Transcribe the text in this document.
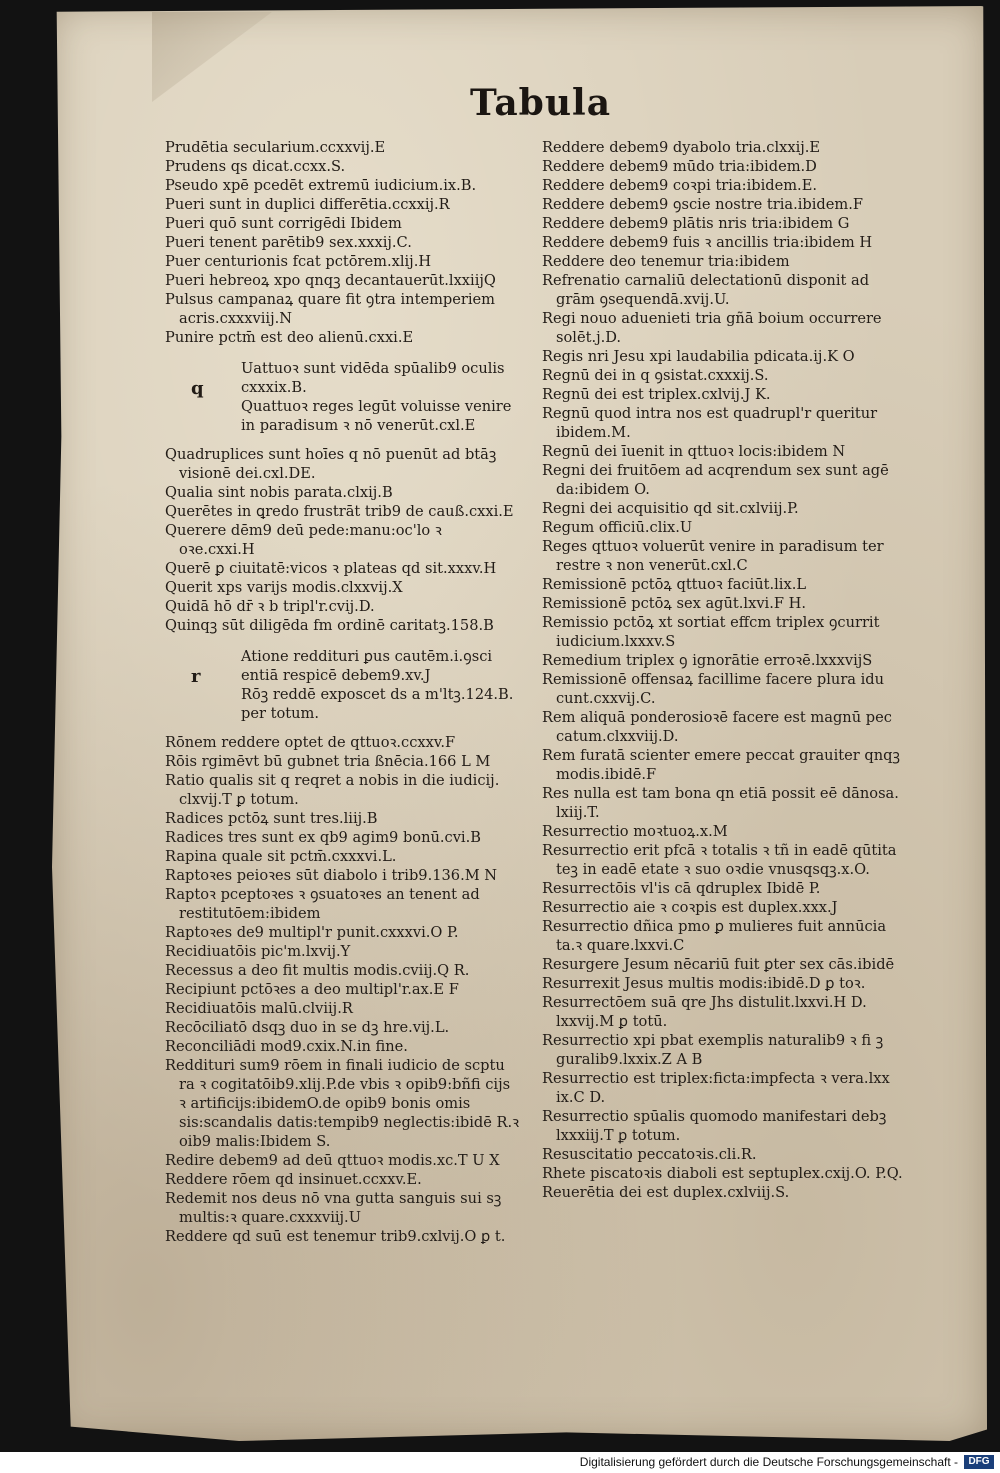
Tabula

Prudētia secularium.ccxxvij.E

Prudens qs dicat.ccxx.S.

Pseudo xpē pcedēt extremū iudicium.ix.B.

Pueri sunt in duplici differētia.ccxxij.R

Pueri quō sunt corrigēdi Ibidem

Pueri tenent parētib9 sex.xxxij.C.

Puer centurionis fcat pctōrem.xlij.H

Pueri hebreoꝝ xpo qnqꝫ decantauerūt.lxxiijQ

Pulsus campanaꝝ quare fit ꝯtra intemperiem acris.cxxxviij.N

Punire pctm̄ est deo alienū.cxxi.E

q

Uattuoꝛ sunt vidēda spūalib9 oculis cxxxix.B.

Quattuoꝛ reges legūt voluisse venire in paradisum ꝛ nō venerūt.cxl.E

Quadruplices sunt hoīes q nō puenūt ad btāꝫ visionē dei.cxl.DE.

Qualia sint nobis parata.clxij.B

Querētes in ꝗredo frustrāt trib9 de cauß.cxxi.E

Querere dēm9 deū pede:manu:oc'lo ꝛ oꝛe.cxxi.H

Querē ꝑ ciuitatē:vicos ꝛ plateas qd sit.xxxv.H

Querit xps varijs modis.clxxvij.X

Quidā hō dr̄ ꝛ b tripl'r.cvij.D.

Quinqꝫ sūt diligēda fm ordinē caritatꝫ.158.B

r

Atione reddituri ꝑus cautēm.i.ꝯsci entiā respicē debem9.xv.J

Rōꝫ reddē exposcet ds a m'ltꝫ.124.B. per totum.

Rōnem reddere optet de qttuoꝛ.ccxxv.F

Rōis rgimēvt bū gubnet tria ßnēcia.166 L M

Ratio qualis sit q reqret a nobis in die iudicij. clxvij.T ꝑ totum.

Radices pctōꝝ sunt tres.liij.B

Radices tres sunt ex qb9 agim9 bonū.cvi.B

Rapina quale sit pctm̄.cxxxvi.L.

Raptoꝛes peioꝛes sūt diabolo i trib9.136.M N

Raptoꝛ pceptoꝛes ꝛ ꝯsuatoꝛes an tenent ad restitutōem:ibidem

Raptoꝛes de9 multipl'r punit.cxxxvi.O P.

Recidiuatōis pic'm.lxvij.Y

Recessus a deo fit multis modis.cviij.Q R.

Recipiunt pctōꝛes a deo multipl'r.ax.E F

Recidiuatōis malū.clviij.R

Recōciliatō dsqꝫ duo in se dꝫ hre.vij.L.

Reconciliādi mod9.cxix.N.in fine.

Reddituri sum9 rōem in finali iudicio de scptu ra ꝛ cogitatōib9.xlij.P.de vbis ꝛ opib9:bñfi cijs ꝛ artificijs:ibidemO.de opib9 bonis omis sis:scandalis datis:tempib9 neglectis:ibidē R.ꝛ oib9 malis:Ibidem S.

Redire debem9 ad deū qttuoꝛ modis.xc.T U X

Reddere rōem qd insinuet.ccxxv.E.

Redemit nos deus nō vna gutta sanguis sui sꝫ multis:ꝛ quare.cxxxviij.U

Reddere qd suū est tenemur trib9.cxlvij.O ꝑ t.

Reddere debem9 dyabolo tria.clxxij.E

Reddere debem9 mūdo tria:ibidem.D

Reddere debem9 coꝛpi tria:ibidem.E.

Reddere debem9 ꝯscie nostre tria.ibidem.F

Reddere debem9 plātis nris tria:ibidem G

Reddere debem9 fuis ꝛ ancillis tria:ibidem H

Reddere deo tenemur tria:ibidem

Refrenatio carnaliū delectationū disponit ad grām ꝯsequendā.xvij.U.

Regi nouo aduenieti tria gñā boium occurrere solēt.j.D.

Regis nri Jesu xpi laudabilia pdicata.ij.K O

Regnū dei in q ꝯsistat.cxxxij.S.

Regnū dei est triplex.cxlvij.J K.

Regnū quod intra nos est quadrupl'r queritur ibidem.M.

Regnū dei īuenit in qttuoꝛ locis:ibidem N

Regni dei fruitōem ad acqrendum sex sunt agē da:ibidem O.

Regni dei acquisitio qd sit.cxlviij.P.

Regum officiū.clix.U

Reges qttuoꝛ voluerūt venire in paradisum ter restre ꝛ non venerūt.cxl.C

Remissionē pctōꝝ qttuoꝛ faciūt.lix.L

Remissionē pctōꝝ sex agūt.lxvi.F H.

Remissio pctōꝝ xt sortiat effcm triplex ꝯcurrit iudicium.lxxxv.S

Remedium triplex ꝯ ignorātie erroꝛē.lxxxvijS

Remissionē offensaꝝ facillime facere plura idu cunt.cxxvij.C.

Rem aliquā ponderosioꝛē facere est magnū pec catum.clxxviij.D.

Rem furatā scienter emere peccat grauiter qnqꝫ modis.ibidē.F

Res nulla est tam bona qn etiā possit eē dānosa. lxiij.T.

Resurrectio moꝛtuoꝝ.x.M

Resurrectio erit pfcā ꝛ totalis ꝛ tñ in eadē qūtita teꝫ in eadē etate ꝛ suo oꝛdie vnusqsqꝫ.x.O.

Resurrectōis vl'is cā qdruplex Ibidē P.

Resurrectio aie ꝛ coꝛpis est duplex.xxx.J

Resurrectio dñica pmo ꝑ mulieres fuit annūcia ta.ꝛ quare.lxxvi.C

Resurgere Jesum nēcariū fuit ꝑter sex cās.ibidē

Resurrexit Jesus multis modis:ibidē.D ꝑ toꝛ.

Resurrectōem suā qre Jhs distulit.lxxvi.H D. lxxvij.M ꝑ totū.

Resurrectio xpi pbat exemplis naturalib9 ꝛ fi ꝫ guralib9.lxxix.Z A B

Resurrectio est triplex:ficta:impfecta ꝛ vera.lxx ix.C D.

Resurrectio spūalis quomodo manifestari debꝫ lxxxiij.T ꝑ totum.

Resuscitatio peccatoꝛis.cli.R.

Rhete piscatoꝛis diaboli est septuplex.cxij.O. P.Q.

Reuerētia dei est duplex.cxlviij.S.

Digitalisierung gefördert durch die Deutsche Forschungsgemeinschaft -	DFG
